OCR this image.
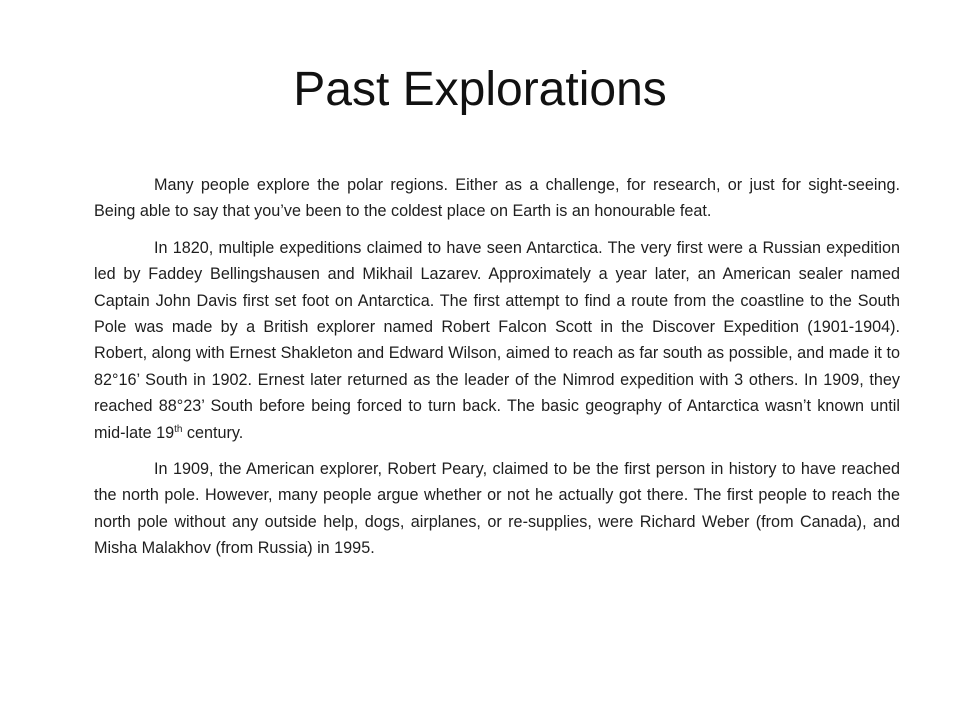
Past Explorations

Many people explore the polar regions. Either as a challenge, for research, or just for sight-seeing. Being able to say that you’ve been to the coldest place on Earth is an honourable feat.

In 1820, multiple expeditions claimed to have seen Antarctica. The very first were a Russian expedition led by Faddey Bellingshausen and Mikhail Lazarev. Approximately a year later, an American sealer named Captain John Davis first set foot on Antarctica. The first attempt to find a route from the coastline to the South Pole was made by a British explorer named Robert Falcon Scott in the Discover Expedition (1901-1904). Robert, along with Ernest Shakleton and Edward Wilson, aimed to reach as far south as possible, and made it to 82°16’ South in 1902. Ernest later returned as the leader of the Nimrod expedition with 3 others. In 1909, they reached 88°23’ South before being forced to turn back. The basic geography of Antarctica wasn’t known until mid-late 19th century.

In 1909, the American explorer, Robert Peary, claimed to be the first person in history to have reached the north pole. However, many people argue whether or not he actually got there. The first people to reach the north pole without any outside help, dogs, airplanes, or re-supplies, were Richard Weber (from Canada), and Misha Malakhov (from Russia) in 1995.
